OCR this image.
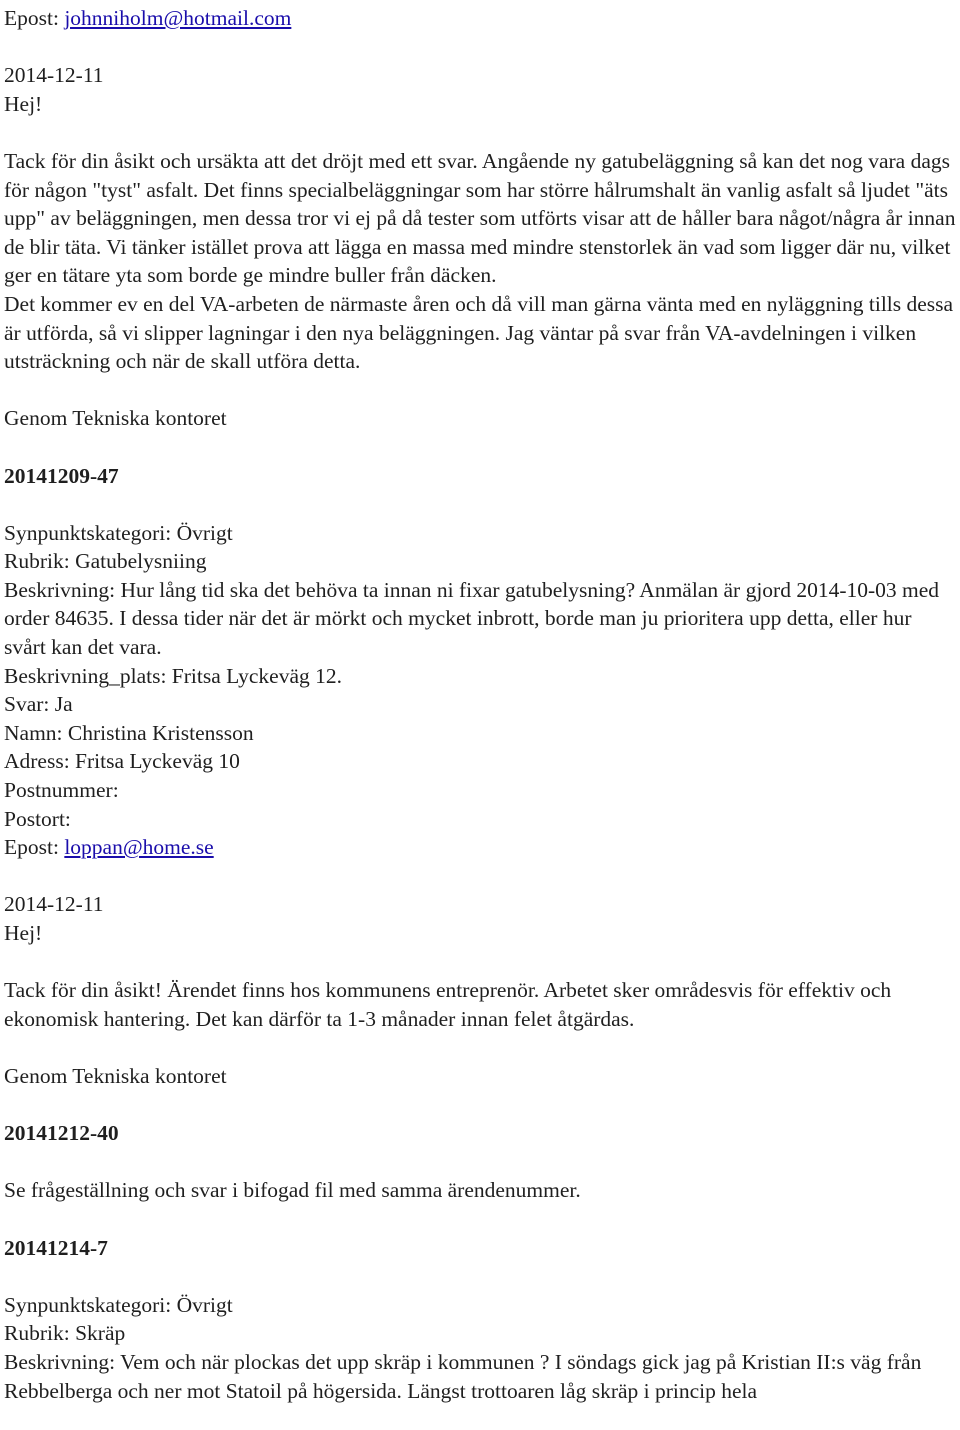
Epost: johnniholm@hotmail.com

2014-12-11

Hej!

Tack för din åsikt och ursäkta att det dröjt med ett svar. Angående ny gatubeläggning så kan det nog vara dags för någon "tyst" asfalt. Det finns specialbeläggningar som har större hålrumshalt än vanlig asfalt så ljudet "äts upp" av beläggningen, men dessa tror vi ej på då tester som utförts visar att de håller bara något/några år innan de blir täta. Vi tänker istället prova att lägga en massa med mindre stenstorlek än vad som ligger där nu, vilket ger en tätare yta som borde ge mindre buller från däcken.

Det kommer ev en del VA-arbeten de närmaste åren och då vill man gärna vänta med en nyläggning tills dessa är utförda, så vi slipper lagningar i den nya beläggningen. Jag väntar på svar från VA-avdelningen i vilken utsträckning och när de skall utföra detta.

Genom Tekniska kontoret

20141209-47

Synpunktskategori: Övrigt

Rubrik: Gatubelysniing

Beskrivning: Hur lång tid ska det behöva ta innan ni fixar gatubelysning? Anmälan är gjord 2014-10-03 med order 84635. I dessa tider när det är mörkt och mycket inbrott, borde man ju prioritera upp detta, eller hur svårt kan det vara.

Beskrivning_plats: Fritsa Lyckeväg 12.

Svar: Ja

Namn: Christina Kristensson

Adress: Fritsa Lyckeväg 10

Postnummer:

Postort:

Epost: loppan@home.se

2014-12-11

Hej!

Tack för din åsikt! Ärendet finns hos kommunens entreprenör. Arbetet sker områdesvis för effektiv och ekonomisk hantering. Det kan därför ta 1-3 månader innan felet åtgärdas.

Genom Tekniska kontoret

20141212-40

Se frågeställning och svar i bifogad fil med samma ärendenummer.

20141214-7

Synpunktskategori: Övrigt

Rubrik: Skräp

Beskrivning: Vem och när plockas det upp skräp i kommunen ? I söndags gick jag på Kristian II:s väg från Rebbelberga och ner mot Statoil på högersida. Längst trottoaren låg skräp i princip hela
